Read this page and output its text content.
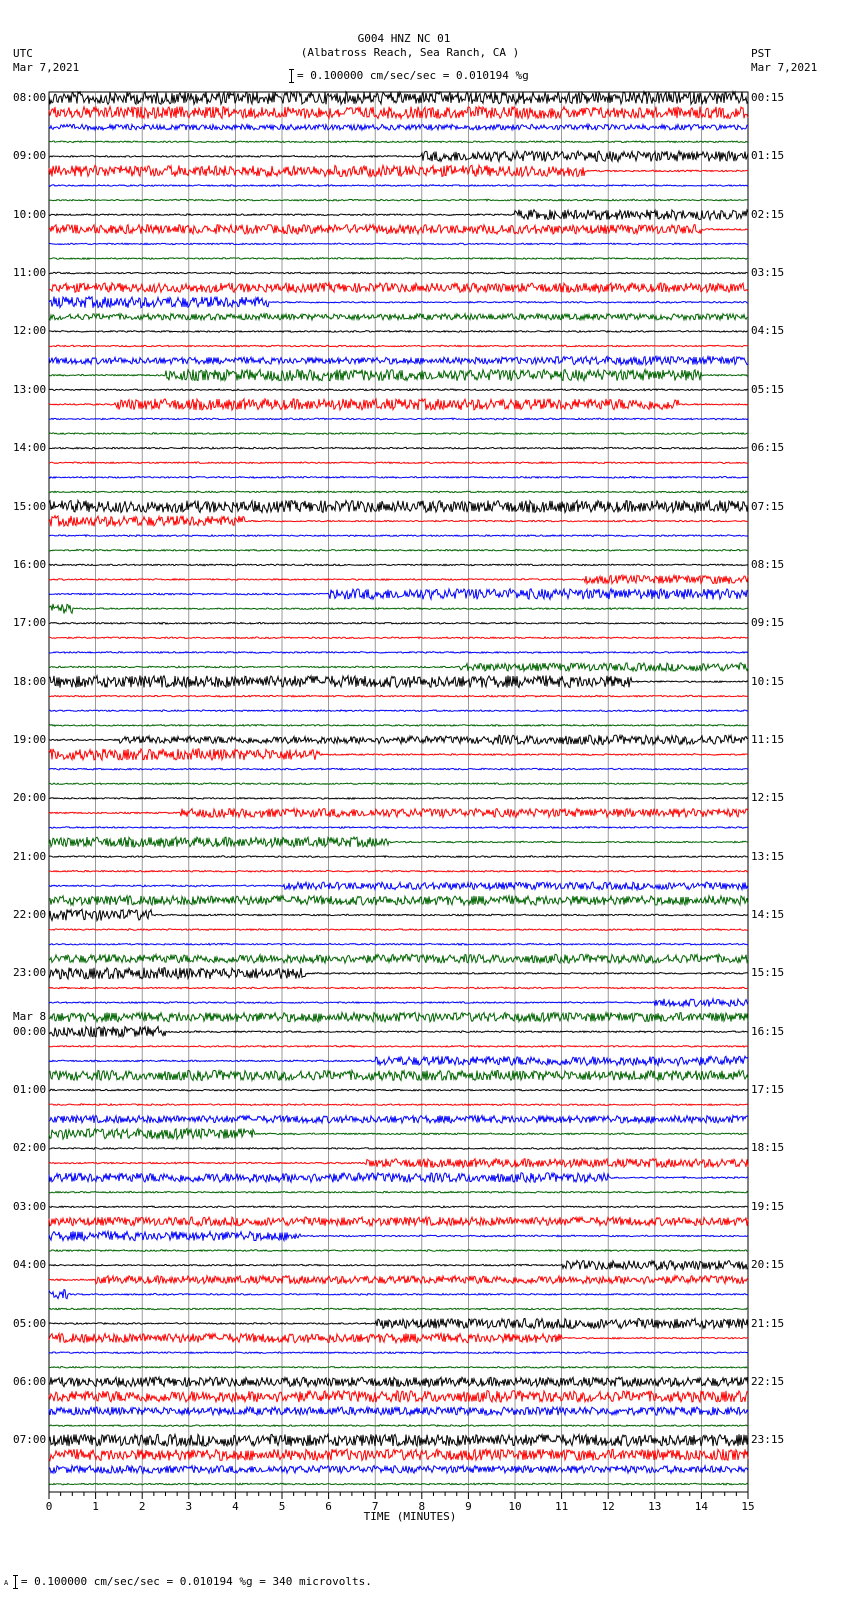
G004 HNZ NC 01
(Albatross Reach, Sea Ranch, CA )
= 0.100000 cm/sec/sec = 0.010194 %g
UTC
Mar 7,2021
PST
Mar 7,2021
0	1	2	3	4	5	6	7	8	9	10	11	12	13	14	15
08:00
09:00
10:00
11:00
12:00
13:00
14:00
15:00
16:00
17:00
18:00
19:00
20:00
21:00
22:00
23:00
00:00
01:00
02:00
03:00
04:00
05:00
06:00
07:00
00:15
01:15
02:15
03:15
04:15
05:15
06:15
07:15
08:15
09:15
10:15
11:15
12:15
13:15
14:15
15:15
16:15
17:15
18:15
19:15
20:15
21:15
22:15
23:15
Mar 8
TIME (MINUTES)
A = 0.100000 cm/sec/sec = 0.010194 %g = 340 microvolts.
